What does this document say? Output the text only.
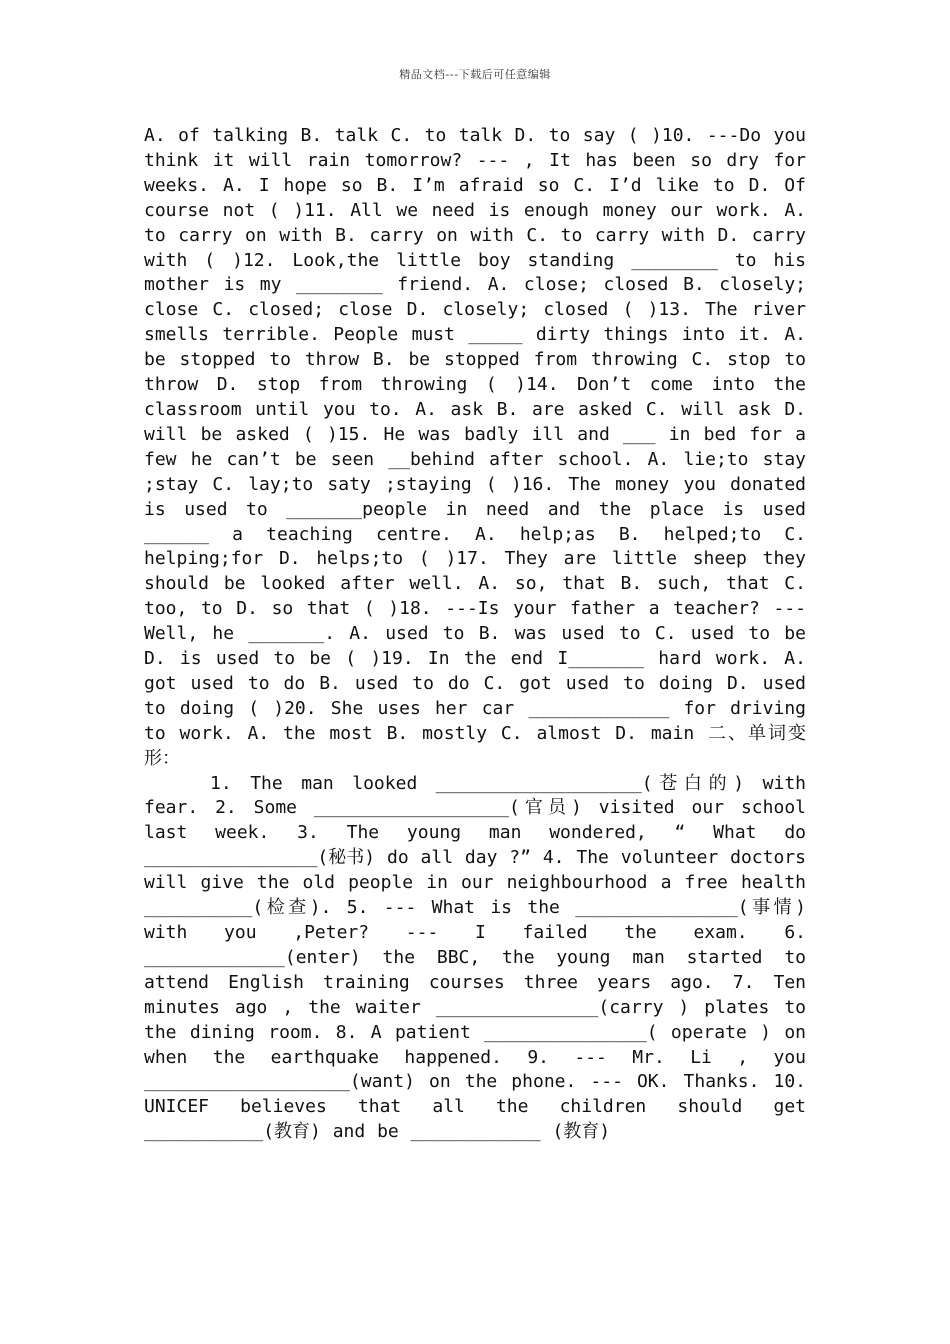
精品文档---下载后可任意编辑

A. of talking B. talk C. to talk D. to say ( )10. ---Do you think it will rain tomorrow? --- , It has been so dry for weeks. A. I hope so B. I’m afraid so C. I’d like to D. Of course not ( )11. All we need is enough money our work. A. to carry on with B. carry on with C. to carry with D. carry with ( )12. Look,the little boy standing ________ to his mother is my ________ friend. A. close; closed B. closely; close C. closed; close D. closely; closed ( )13. The river smells terrible. People must _____ dirty things into it. A. be stopped to throw B. be stopped from throwing C. stop to throw D. stop from throwing ( )14. Don’t come into the classroom until you to. A. ask B. are asked C. will ask D. will be asked ( )15. He was badly ill and ___ in bed for a few he can’t be seen __behind after school. A. lie;to stay ;stay C. lay;to saty ;staying ( )16. The money you donated is used to _______people in need and the place is used ______ a teaching centre. A. help;as B. helped;to C. helping;for D. helps;to ( )17. They are little sheep they should be looked after well. A. so, that B. such, that C. too, to D. so that ( )18. ---Is your father a teacher? ---Well, he _______. A. used to B. was used to C. used to be D. is used to be ( )19. In the end I_______ hard work. A. got used to do B. used to do C. got used to doing D. used to doing ( )20. She uses her car _____________ for driving to work. A. the most B. mostly C. almost D. main 二、单词变形：

1. The man looked ___________________(苍白的) with fear. 2. Some __________________(官员) visited our school last week. 3. The young man wondered, “ What do ________________(秘书) do all day ?” 4. The volunteer doctors will give the old people in our neighbourhood a free health __________(检查). 5. --- What is the _______________(事情) with you ,Peter? --- I failed the exam. 6. _____________(enter) the BBC, the young man started to attend English training courses three years ago. 7. Ten minutes ago , the waiter _______________(carry ) plates to the dining room. 8. A patient _______________( operate ) on when the earthquake happened. 9. --- Mr. Li , you ___________________(want) on the phone. --- OK. Thanks. 10. UNICEF believes that all the children should get ___________(教育) and be ____________ (教育)
